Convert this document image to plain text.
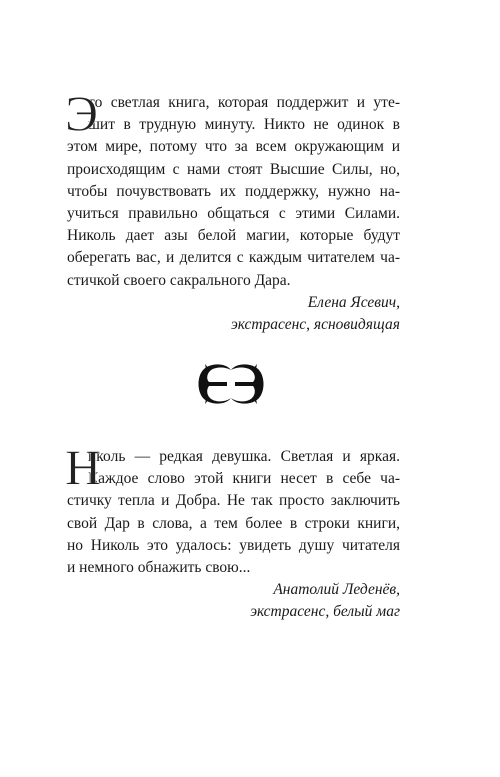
Э
то светлая книга, которая поддержит и уте-
шит в трудную минуту. Никто не одинок в
этом мире, потому что за всем окружающим и
происходящим с нами стоят Высшие Силы, но,
чтобы почувствовать их поддержку, нужно на-
учиться правильно общаться с этими Силами.
Николь дает азы белой магии, которые будут
оберегать вас, и делится с каждым читателем ча-
стичкой своего сакрального Дара.
Елена Ясевич,
экстрасенс, ясновидящая
Н
иколь — редкая девушка. Светлая и яркая.
Каждое слово этой книги несет в себе ча-
стичку тепла и Добра. Не так просто заключить
свой Дар в слова, а тем более в строки книги,
но Николь это удалось: увидеть душу читателя
и немного обнажить свою...
Анатолий Леденёв,
экстрасенс, белый маг
